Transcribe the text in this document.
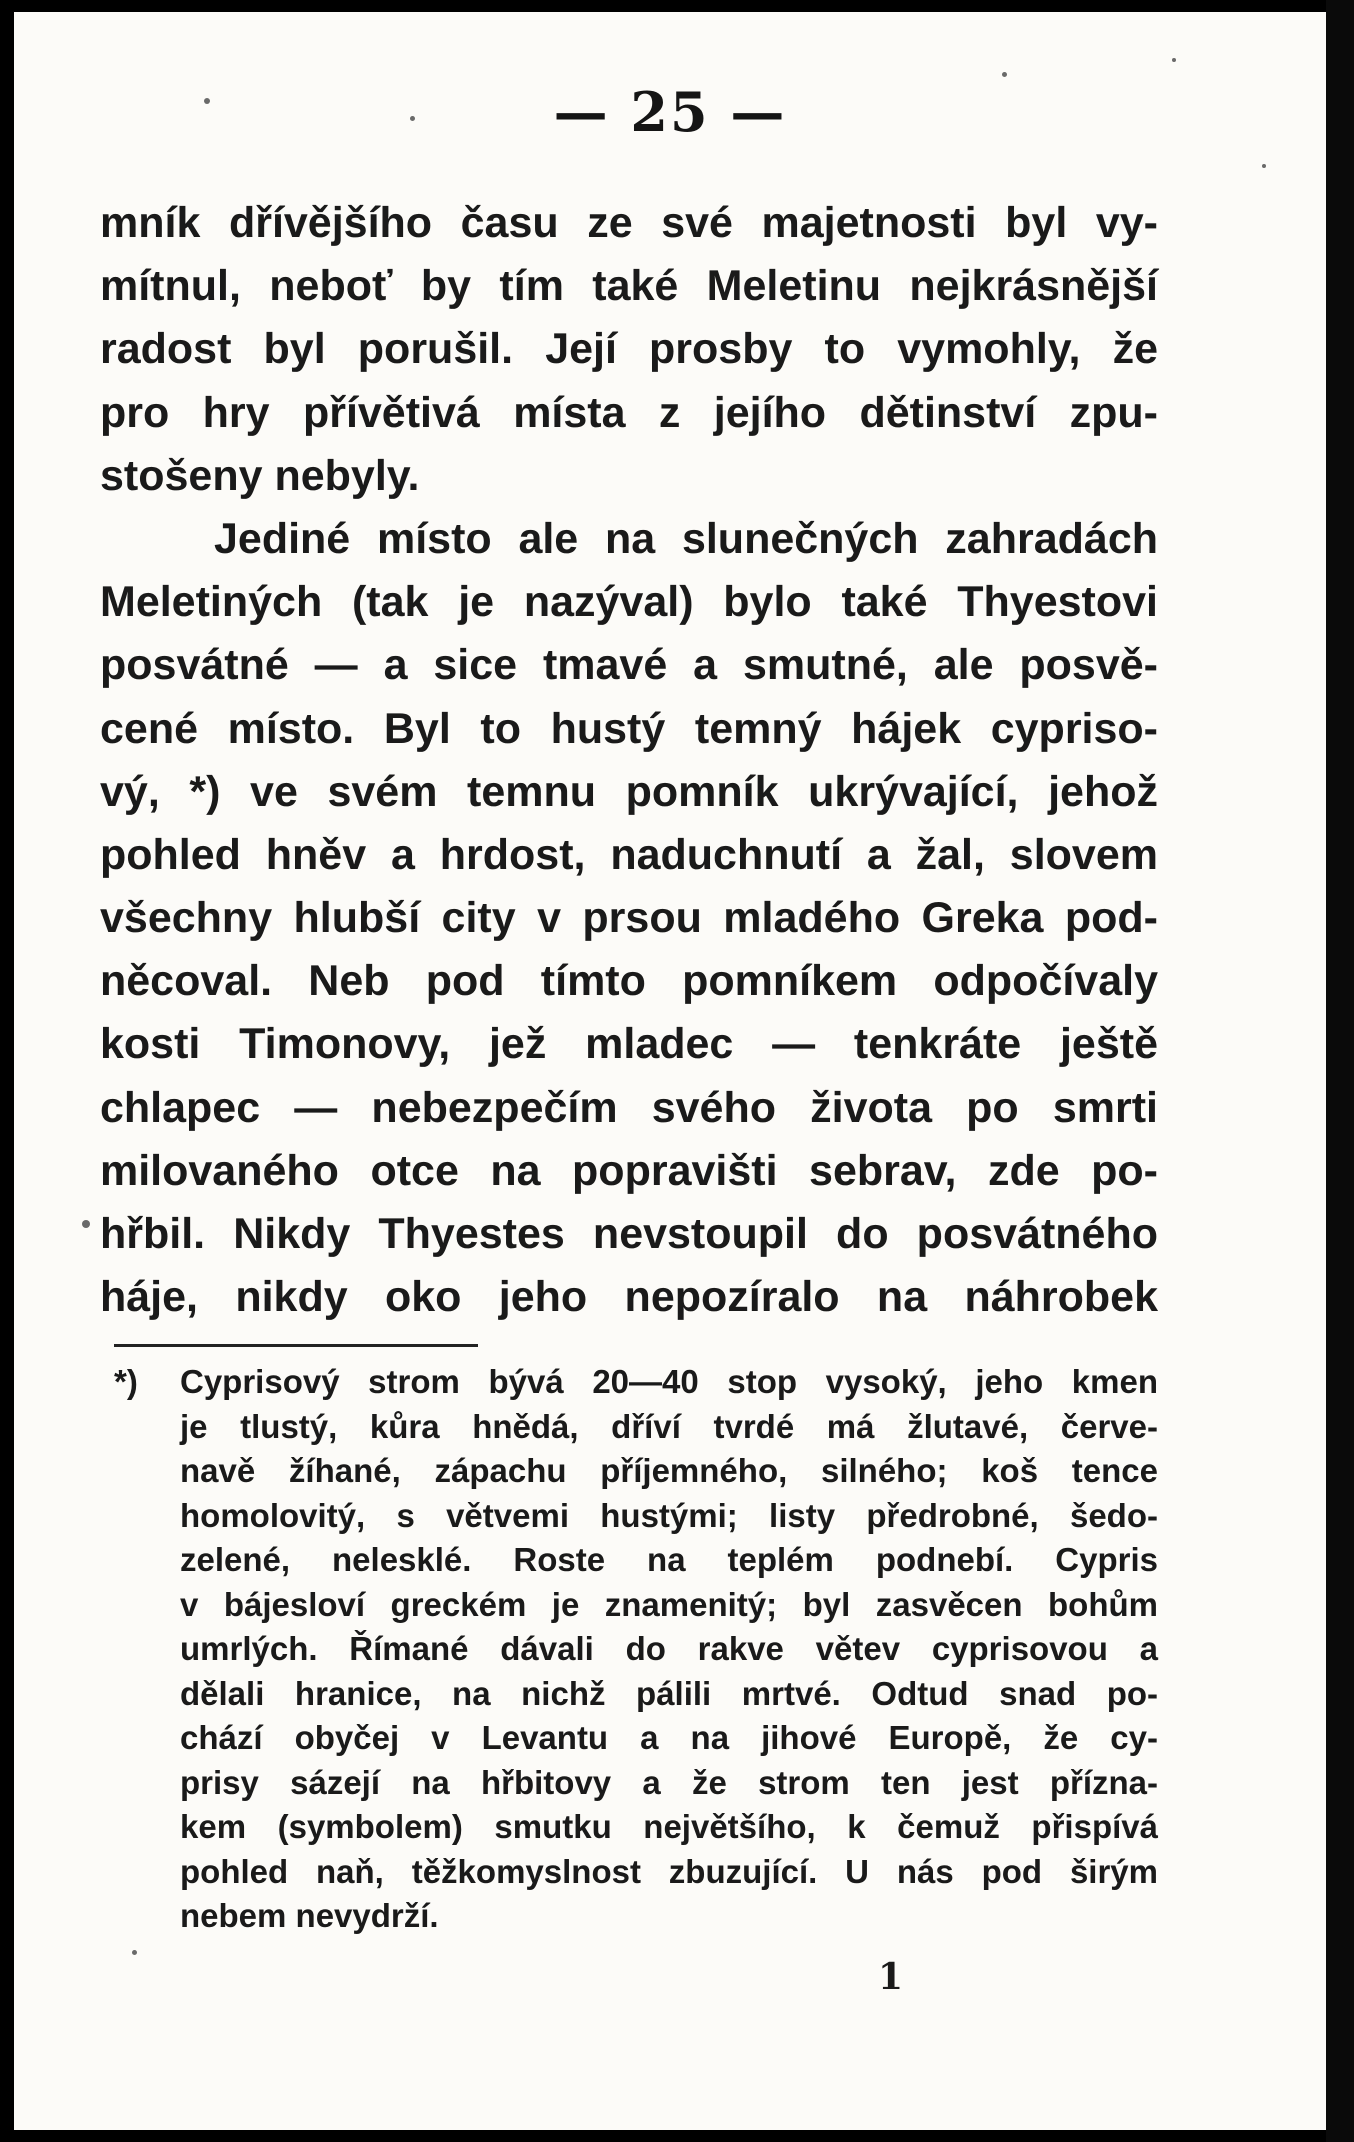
— 25 —
mník dřívějšího času ze své majetnosti byl vy-
mítnul, neboť by tím také Meletinu nejkrásnější
radost byl porušil. Její prosby to vymohly, že
pro hry přívětivá místa z jejího dětinství zpu-
stošeny nebyly.
Jediné místo ale na slunečných zahradách
Meletiných (tak je nazýval) bylo také Thyestovi
posvátné — a sice tmavé a smutné, ale posvě-
cené místo. Byl to hustý temný hájek cypriso-
vý, *) ve svém temnu pomník ukrývající, jehož
pohled hněv a hrdost, naduchnutí a žal, slovem
všechny hlubší city v prsou mladého Greka pod-
něcoval. Neb pod tímto pomníkem odpočívaly
kosti Timonovy, jež mladec — tenkráte ještě
chlapec — nebezpečím svého života po smrti
milovaného otce na popravišti sebrav, zde po-
hřbil. Nikdy Thyestes nevstoupil do posvátného
háje, nikdy oko jeho nepozíralo na náhrobek
*) Cyprisový strom bývá 20—40 stop vysoký, jeho kmen
je tlustý, kůra hnědá, dříví tvrdé má žlutavé, červe-
navě žíhané, zápachu příjemného, silného; koš tence
homolovitý, s větvemi hustými; listy předrobné, šedo-
zelené, nelesklé. Roste na teplém podnebí. Cypris
v bájesloví greckém je znamenitý; byl zasvěcen bohům
umrlých. Římané dávali do rakve větev cyprisovou a
dělali hranice, na nichž pálili mrtvé. Odtud snad po-
chází obyčej v Levantu a na jihové Europě, že cy-
prisy sázejí na hřbitovy a že strom ten jest přízna-
kem (symbolem) smutku největšího, k čemuž přispívá
pohled naň, těžkomyslnost zbuzující. U nás pod širým
nebem nevydrží.
1
